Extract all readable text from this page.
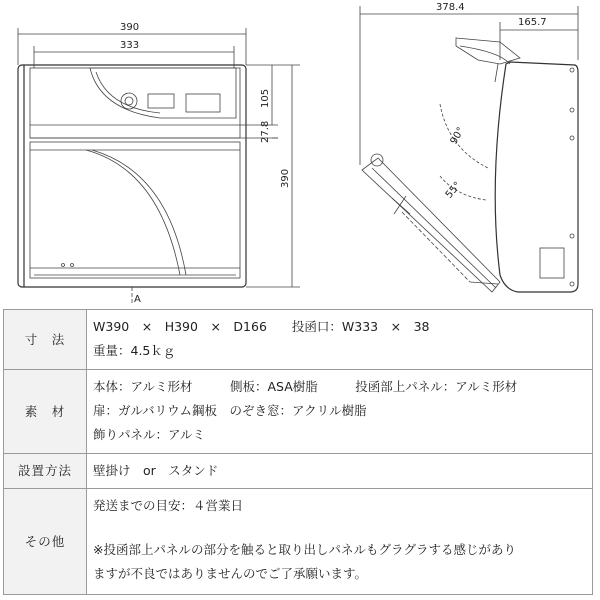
390
333
105
27.8
390
A
378.4
165.7
90°
55°
寸　法	W390　×　H390　×　D166　　投函口：W333　×　38
重量：4.5ｋｇ

素　材	本体：アルミ形材　　　側板：ASA樹脂　　　投函部上パネル：アルミ形材
扉：ガルバリウム鋼板　のぞき窓：アクリル樹脂
飾りパネル：アルミ

設置方法	壁掛け　or　スタンド

その他	発送までの目安：４営業日
※投函部上パネルの部分を触ると取り出しパネルもグラグラする感じがあり
ますが不良ではありませんのでご了承願います。
